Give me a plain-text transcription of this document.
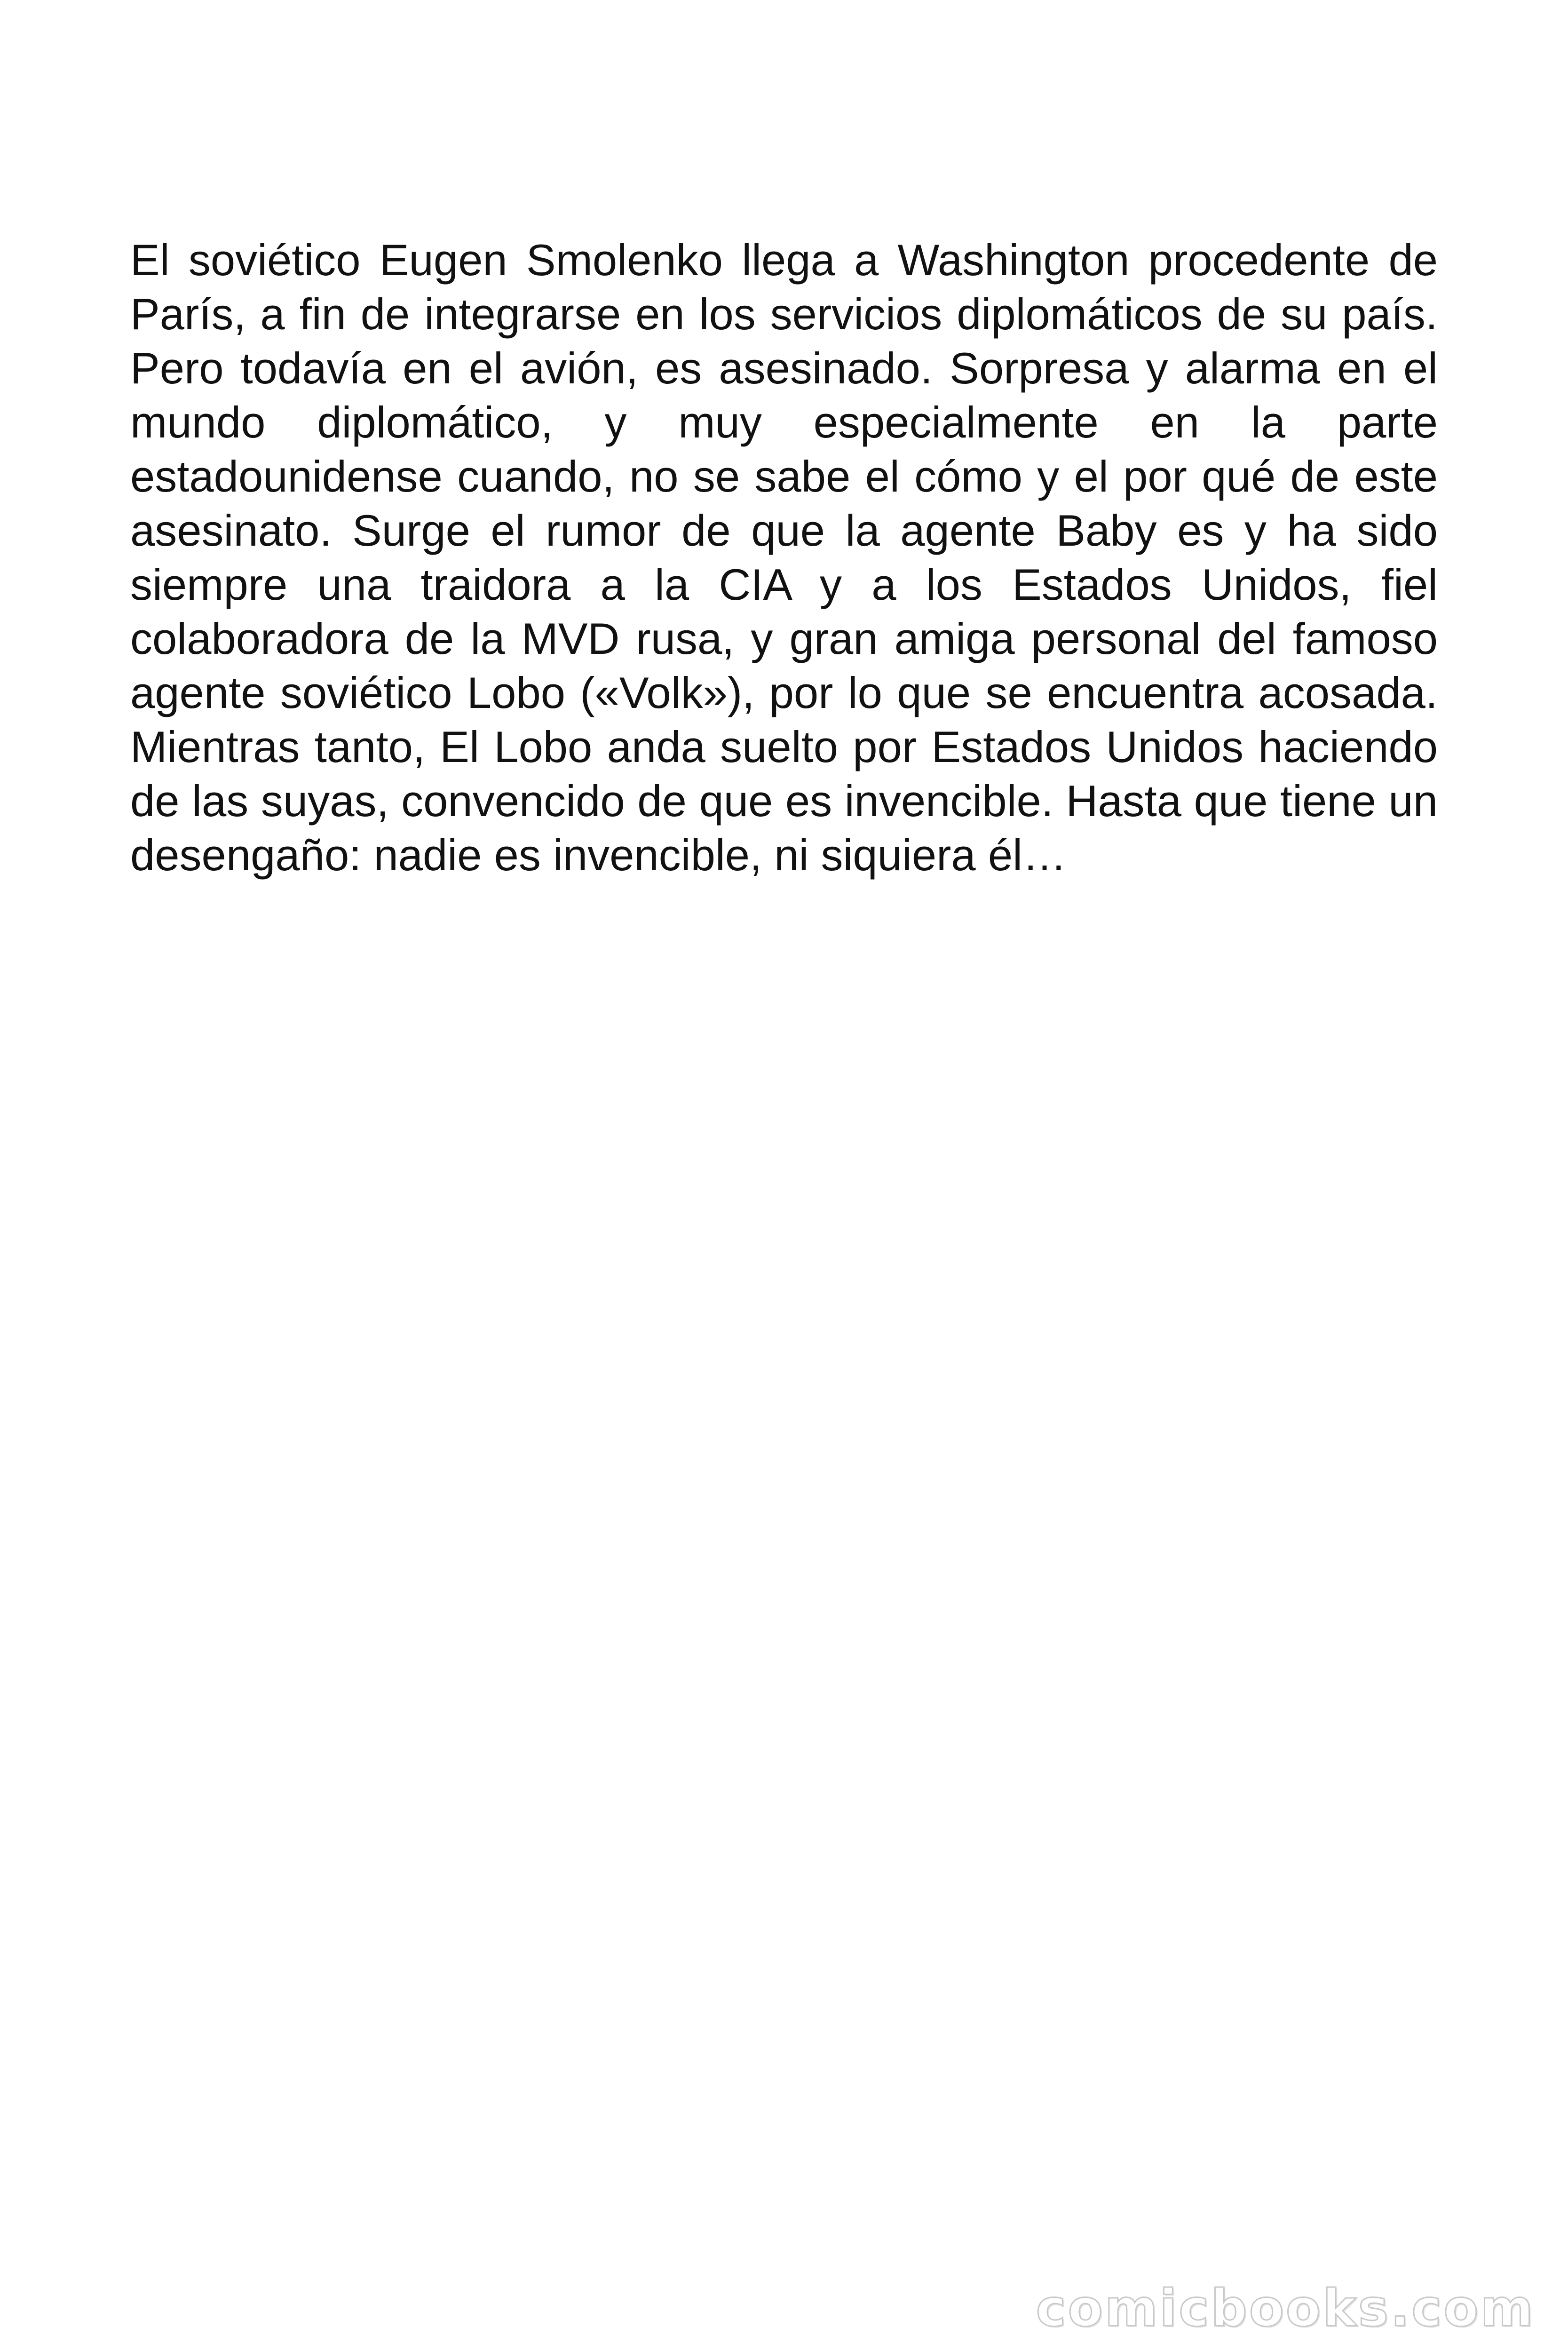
El soviético Eugen Smolenko llega a Washington procedente de París, a fin de integrarse en los servicios diplomáticos de su país. Pero todavía en el avión, es asesinado. Sorpresa y alarma en el mundo diplomático, y muy especialmente en la parte estadounidense cuando, no se sabe el cómo y el por qué de este asesinato. Surge el rumor de que la agente Baby es y ha sido siempre una traidora a la CIA y a los Estados Unidos, fiel colaboradora de la MVD rusa, y gran amiga personal del famoso agente soviético Lobo («Volk»), por lo que se encuentra acosada. Mientras tanto, El Lobo anda suelto por Estados Unidos haciendo de las suyas, convencido de que es invencible. Hasta que tiene un desengaño: nadie es invencible, ni siquiera él…

comicbooks.com
